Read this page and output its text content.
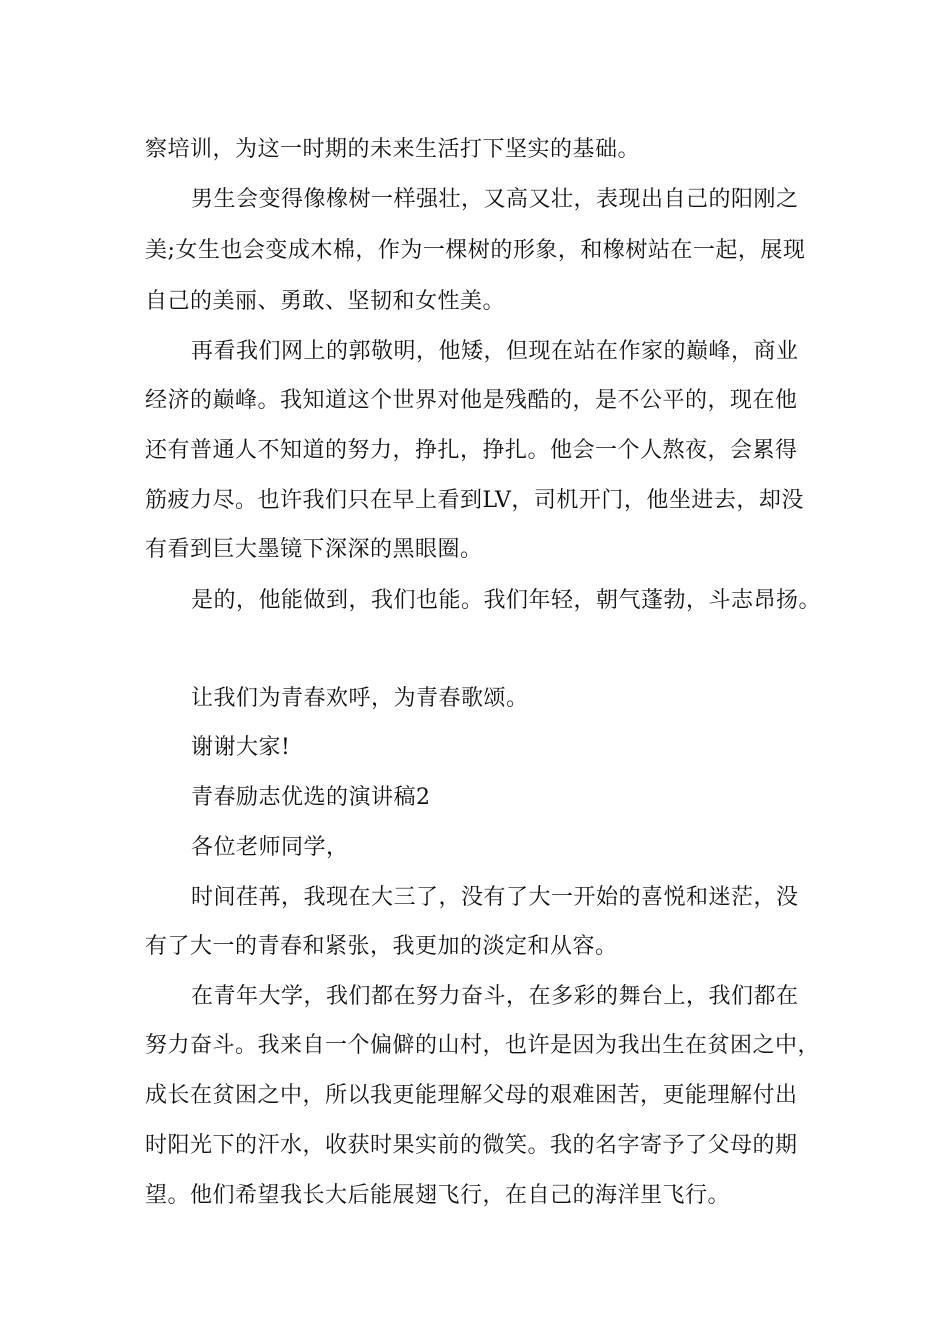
察培训，为这一时期的未来生活打下坚实的基础。
男生会变得像橡树一样强壮，又高又壮，表现出自己的阳刚之
美;女生也会变成木棉，作为一棵树的形象，和橡树站在一起，展现
自己的美丽、勇敢、坚韧和女性美。
再看我们网上的郭敬明，他矮，但现在站在作家的巅峰，商业
经济的巅峰。我知道这个世界对他是残酷的，是不公平的，现在他
还有普通人不知道的努力，挣扎，挣扎。他会一个人熬夜，会累得
筋疲力尽。也许我们只在早上看到LV，司机开门，他坐进去，却没
有看到巨大墨镜下深深的黑眼圈。
是的，他能做到，我们也能。我们年轻，朝气蓬勃，斗志昂扬。
让我们为青春欢呼，为青春歌颂。
谢谢大家!
青春励志优选的演讲稿2
各位老师同学，
时间荏苒，我现在大三了，没有了大一开始的喜悦和迷茫，没
有了大一的青春和紧张，我更加的淡定和从容。
在青年大学，我们都在努力奋斗，在多彩的舞台上，我们都在
努力奋斗。我来自一个偏僻的山村，也许是因为我出生在贫困之中，
成长在贫困之中，所以我更能理解父母的艰难困苦，更能理解付出
时阳光下的汗水，收获时果实前的微笑。我的名字寄予了父母的期
望。他们希望我长大后能展翅飞行，在自己的海洋里飞行。
